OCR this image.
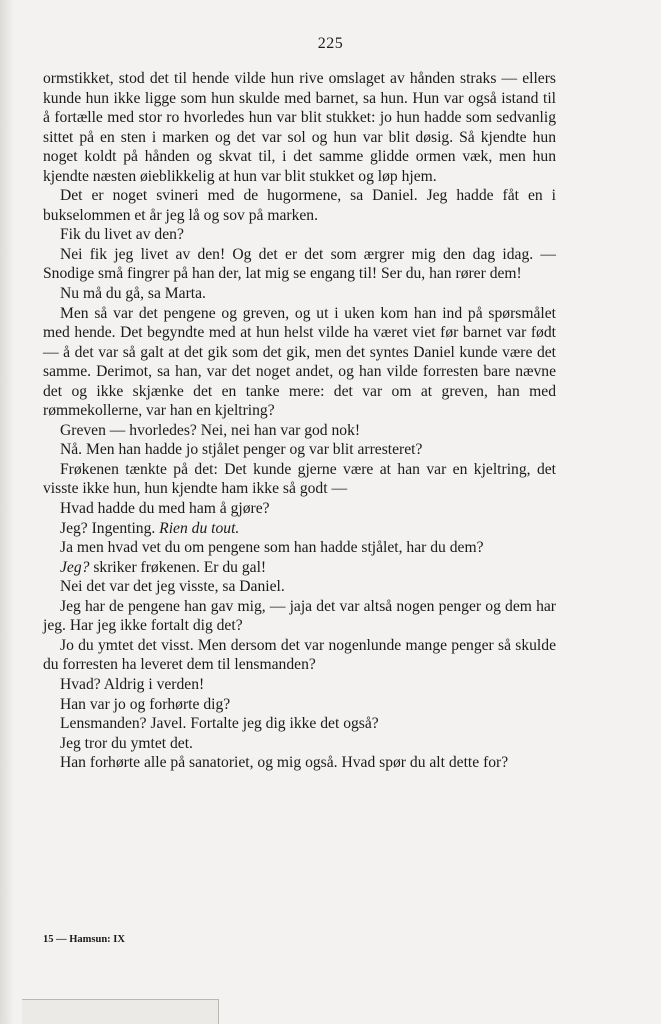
225

ormstikket, stod det til hende vilde hun rive omslaget av hånden straks — ellers kunde hun ikke ligge som hun skulde med barnet, sa hun. Hun var også istand til å fortælle med stor ro hvorledes hun var blit stukket: jo hun hadde som sedvanlig sittet på en sten i marken og det var sol og hun var blit døsig. Så kjendte hun noget koldt på hånden og skvat til, i det samme glidde ormen væk, men hun kjendte næsten øieblikkelig at hun var blit stukket og løp hjem.

Det er noget svineri med de hugormene, sa Daniel. Jeg hadde fåt en i bukselommen et år jeg lå og sov på marken.

Fik du livet av den?

Nei fik jeg livet av den! Og det er det som ærgrer mig den dag idag. — Snodige små fingrer på han der, lat mig se engang til! Ser du, han rører dem!

Nu må du gå, sa Marta.

Men så var det pengene og greven, og ut i uken kom han ind på spørsmålet med hende. Det begyndte med at hun helst vilde ha været viet før barnet var født — å det var så galt at det gik som det gik, men det syntes Daniel kunde være det samme. Derimot, sa han, var det noget andet, og han vilde forresten bare nævne det og ikke skjænke det en tanke mere: det var om at greven, han med rømmekollerne, var han en kjeltring?

Greven — hvorledes? Nei, nei han var god nok!

Nå. Men han hadde jo stjålet penger og var blit arresteret?

Frøkenen tænkte på det: Det kunde gjerne være at han var en kjeltring, det visste ikke hun, hun kjendte ham ikke så godt —

Hvad hadde du med ham å gjøre?

Jeg? Ingenting. Rien du tout.

Ja men hvad vet du om pengene som han hadde stjålet, har du dem?

Jeg? skriker frøkenen. Er du gal!

Nei det var det jeg visste, sa Daniel.

Jeg har de pengene han gav mig, — jaja det var altså nogen penger og dem har jeg. Har jeg ikke fortalt dig det?

Jo du ymtet det visst. Men dersom det var nogenlunde mange penger så skulde du forresten ha leveret dem til lensmanden?

Hvad? Aldrig i verden!

Han var jo og forhørte dig?

Lensmanden? Javel. Fortalte jeg dig ikke det også?

Jeg tror du ymtet det.

Han forhørte alle på sanatoriet, og mig også. Hvad spør du alt dette for?

15 — Hamsun: IX
